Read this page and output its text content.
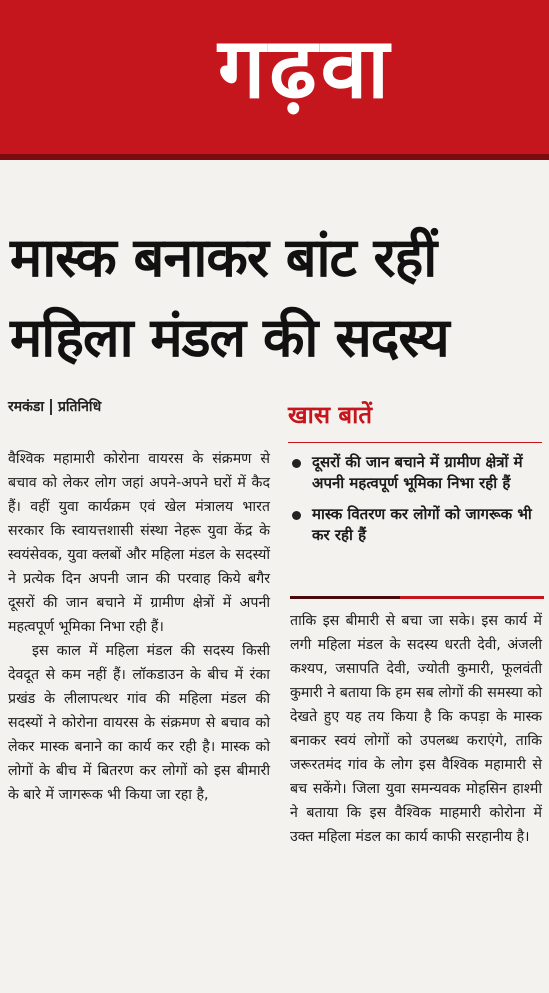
गढ़वा
मास्क बनाकर बांट रहीं महिला मंडल की सदस्य
रमकंडा प्रतिनिधि

वैश्विक महामारी कोरोना वायरस के संक्रमण से बचाव को लेकर लोग जहां अपने-अपने घरों में कैद हैं। वहीं युवा कार्यक्रम एवं खेल मंत्रालय भारत सरकार कि स्वायत्तशासी संस्था नेहरू युवा केंद्र के स्वयंसेवक, युवा क्लबों और महिला मंडल के सदस्यों ने प्रत्येक दिन अपनी जान की परवाह किये बगैर दूसरों की जान बचाने में ग्रामीण क्षेत्रों में अपनी महत्वपूर्ण भूमिका निभा रही हैं।

इस काल में महिला मंडल की सदस्य किसी देवदूत से कम नहीं हैं। लॉकडाउन के बीच में रंका प्रखंड के लीलापत्थर गांव की महिला मंडल की सदस्यों ने कोरोना वायरस के संक्रमण से बचाव को लेकर मास्क बनाने का कार्य कर रही है। मास्क को लोगों के बीच में बितरण कर लोगों को इस बीमारी के बारे में जागरूक भी किया जा रहा है,

खास बातें
दूसरों की जान बचाने में ग्रामीण क्षेत्रों में अपनी महत्वपूर्ण भूमिका निभा रही हैं
मास्क वितरण कर लोगों को जागरूक भी कर रही हैं

ताकि इस बीमारी से बचा जा सके। इस कार्य में लगी महिला मंडल के सदस्य धरती देवी, अंजली कश्यप, जसापति देवी, ज्योती कुमारी, फूलवंती कुमारी ने बताया कि हम सब लोगों की समस्या को देखते हुए यह तय किया है कि कपड़ा के मास्क बनाकर स्वयं लोगों को उपलब्ध कराएंगे, ताकि जरूरतमंद गांव के लोग इस वैश्विक महामारी से बच सकेंगे। जिला युवा समन्यवक मोहसिन हाश्मी ने बताया कि इस वैश्विक माहमारी कोरोना में उक्त महिला मंडल का कार्य काफी सरहानीय है।
